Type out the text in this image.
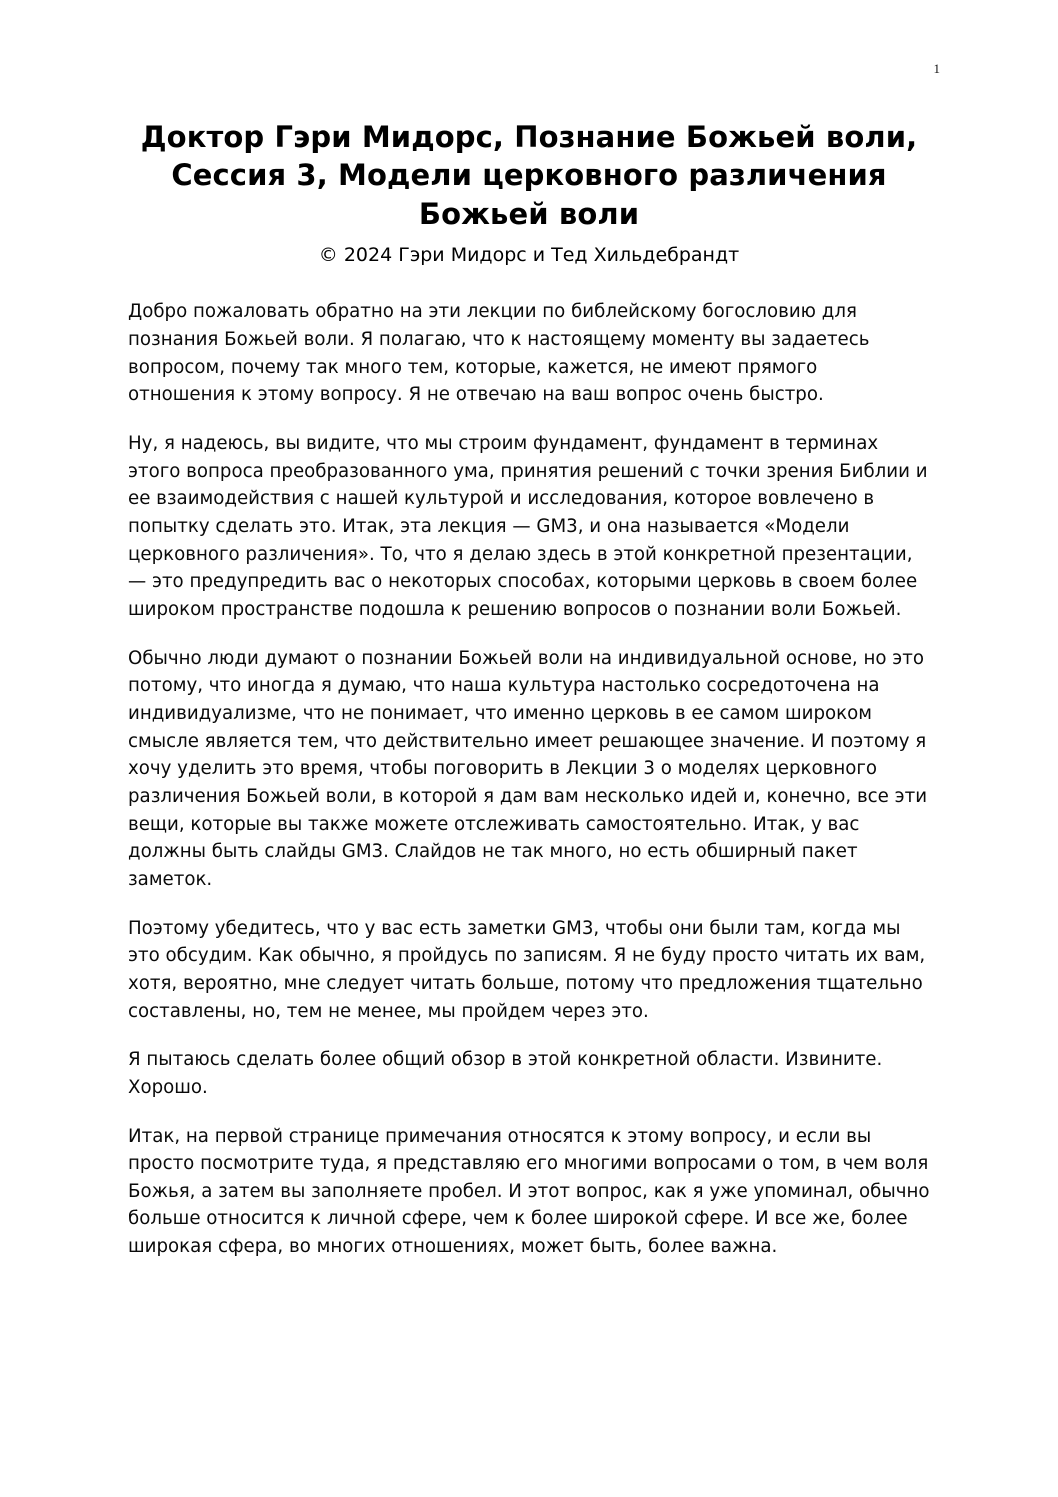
1
Доктор Гэри Мидорс, Познание Божьей воли, Сессия 3, Модели церковного различения Божьей воли
© 2024 Гэри Мидорс и Тед Хильдебрандт

Добро пожаловать обратно на эти лекции по библейскому богословию для познания Божьей воли. Я полагаю, что к настоящему моменту вы задаетесь вопросом, почему так много тем, которые, кажется, не имеют прямого отношения к этому вопросу. Я не отвечаю на ваш вопрос очень быстро.

Ну, я надеюсь, вы видите, что мы строим фундамент, фундамент в терминах этого вопроса преобразованного ума, принятия решений с точки зрения Библии и ее взаимодействия с нашей культурой и исследования, которое вовлечено в попытку сделать это. Итак, эта лекция — GM3, и она называется «Модели церковного различения». То, что я делаю здесь в этой конкретной презентации, — это предупредить вас о некоторых способах, которыми церковь в своем более широком пространстве подошла к решению вопросов о познании воли Божьей.

Обычно люди думают о познании Божьей воли на индивидуальной основе, но это потому, что иногда я думаю, что наша культура настолько сосредоточена на индивидуализме, что не понимает, что именно церковь в ее самом широком смысле является тем, что действительно имеет решающее значение. И поэтому я хочу уделить это время, чтобы поговорить в Лекции 3 о моделях церковного различения Божьей воли, в которой я дам вам несколько идей и, конечно, все эти вещи, которые вы также можете отслеживать самостоятельно. Итак, у вас должны быть слайды GM3. Слайдов не так много, но есть обширный пакет заметок.

Поэтому убедитесь, что у вас есть заметки GM3, чтобы они были там, когда мы это обсудим. Как обычно, я пройдусь по записям. Я не буду просто читать их вам, хотя, вероятно, мне следует читать больше, потому что предложения тщательно составлены, но, тем не менее, мы пройдем через это.

Я пытаюсь сделать более общий обзор в этой конкретной области. Извините. Хорошо.

Итак, на первой странице примечания относятся к этому вопросу, и если вы просто посмотрите туда, я представляю его многими вопросами о том, в чем воля Божья, а затем вы заполняете пробел. И этот вопрос, как я уже упоминал, обычно больше относится к личной сфере, чем к более широкой сфере. И все же, более широкая сфера, во многих отношениях, может быть, более важна.
